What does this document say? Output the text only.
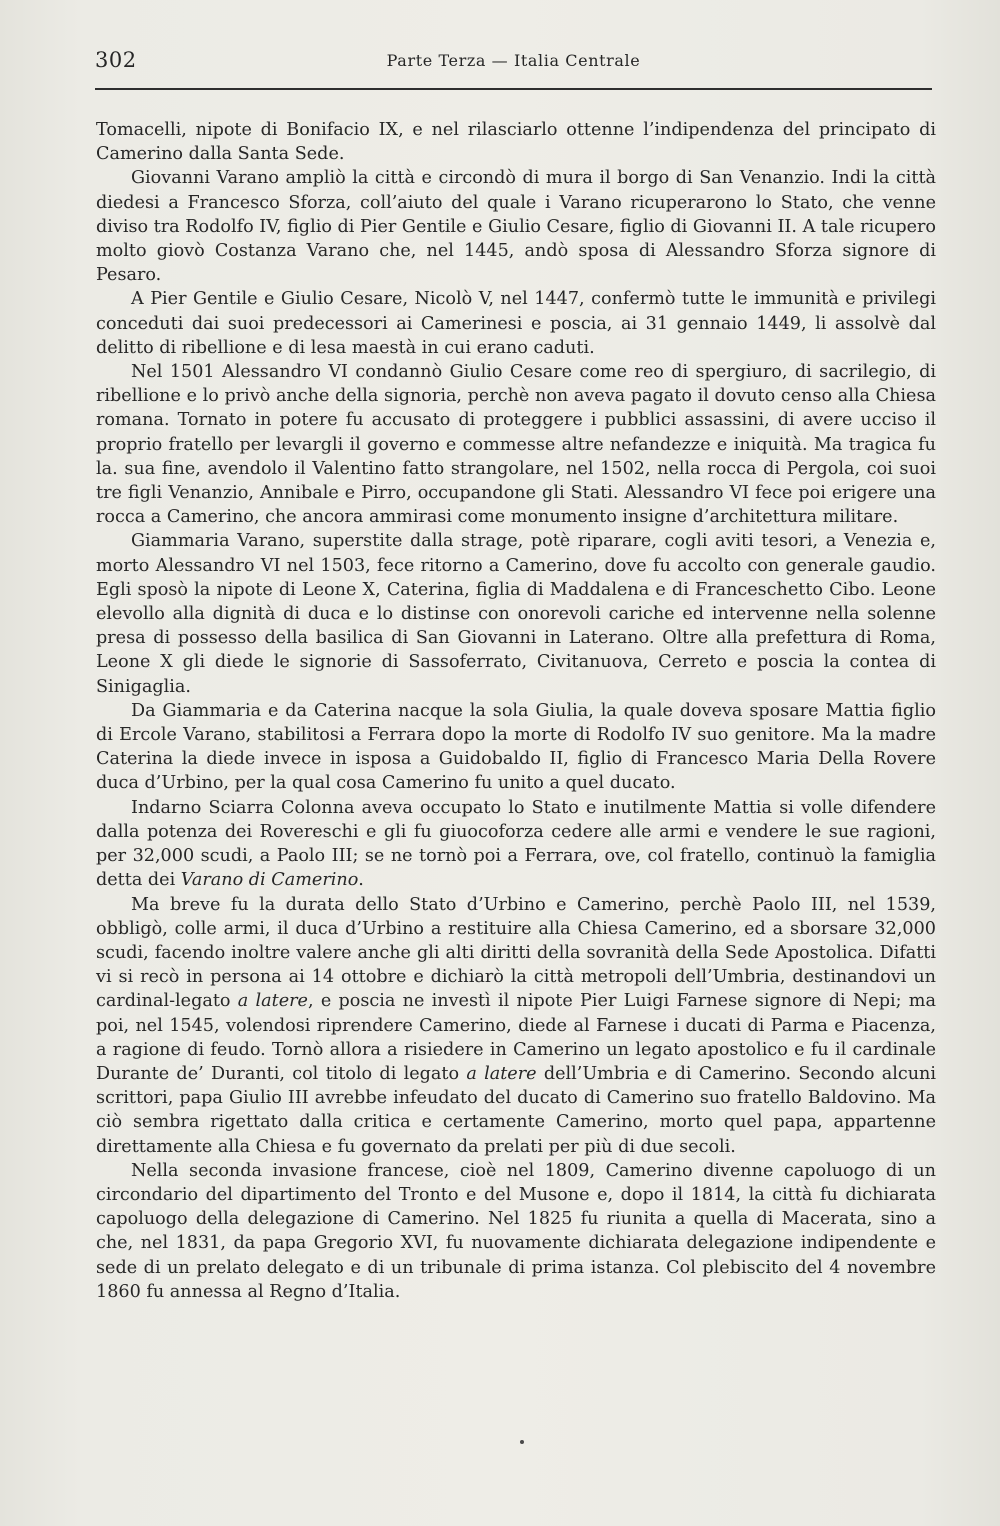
302	Parte Terza — Italia Centrale

Tomacelli, nipote di Bonifacio IX, e nel rilasciarlo ottenne l’indipendenza del principato di Camerino dalla Santa Sede.

Giovanni Varano ampliò la città e circondò di mura il borgo di San Venanzio. Indi la città diedesi a Francesco Sforza, coll’aiuto del quale i Varano ricuperarono lo Stato, che venne diviso tra Rodolfo IV, figlio di Pier Gentile e Giulio Cesare, figlio di Giovanni II. A tale ricupero molto giovò Costanza Varano che, nel 1445, andò sposa di Alessandro Sforza signore di Pesaro.

A Pier Gentile e Giulio Cesare, Nicolò V, nel 1447, confermò tutte le immunità e privilegi conceduti dai suoi predecessori ai Camerinesi e poscia, ai 31 gennaio 1449, li assolvè dal delitto di ribellione e di lesa maestà in cui erano caduti.

Nel 1501 Alessandro VI condannò Giulio Cesare come reo di spergiuro, di sacrilegio, di ribellione e lo privò anche della signoria, perchè non aveva pagato il dovuto censo alla Chiesa romana. Tornato in potere fu accusato di proteggere i pubblici assassini, di avere ucciso il proprio fratello per levargli il governo e commesse altre nefandezze e iniquità. Ma tragica fu la. sua fine, avendolo il Valentino fatto strangolare, nel 1502, nella rocca di Pergola, coi suoi tre figli Venanzio, Annibale e Pirro, occupandone gli Stati. Alessandro VI fece poi erigere una rocca a Camerino, che ancora ammirasi come monumento insigne d’architettura militare.

Giammaria Varano, superstite dalla strage, potè riparare, cogli aviti tesori, a Venezia e, morto Alessandro VI nel 1503, fece ritorno a Camerino, dove fu accolto con generale gaudio. Egli sposò la nipote di Leone X, Caterina, figlia di Maddalena e di Franceschetto Cibo. Leone elevollo alla dignità di duca e lo distinse con onorevoli cariche ed intervenne nella solenne presa di possesso della basilica di San Giovanni in Laterano. Oltre alla prefettura di Roma, Leone X gli diede le signorie di Sassoferrato, Civitanuova, Cerreto e poscia la contea di Sinigaglia.

Da Giammaria e da Caterina nacque la sola Giulia, la quale doveva sposare Mattia figlio di Ercole Varano, stabilitosi a Ferrara dopo la morte di Rodolfo IV suo genitore. Ma la madre Caterina la diede invece in isposa a Guidobaldo II, figlio di Francesco Maria Della Rovere duca d’Urbino, per la qual cosa Camerino fu unito a quel ducato.

Indarno Sciarra Colonna aveva occupato lo Stato e inutilmente Mattia si volle difendere dalla potenza dei Rovereschi e gli fu giuocoforza cedere alle armi e vendere le sue ragioni, per 32,000 scudi, a Paolo III; se ne tornò poi a Ferrara, ove, col fratello, continuò la famiglia detta dei Varano di Camerino.

Ma breve fu la durata dello Stato d’Urbino e Camerino, perchè Paolo III, nel 1539, obbligò, colle armi, il duca d’Urbino a restituire alla Chiesa Camerino, ed a sborsare 32,000 scudi, facendo inoltre valere anche gli alti diritti della sovranità della Sede Apostolica. Difatti vi si recò in persona ai 14 ottobre e dichiarò la città metropoli dell’Umbria, destinandovi un cardinal-legato a latere, e poscia ne investì il nipote Pier Luigi Farnese signore di Nepi; ma poi, nel 1545, volendosi riprendere Camerino, diede al Farnese i ducati di Parma e Piacenza, a ragione di feudo. Tornò allora a risiedere in Camerino un legato apostolico e fu il cardinale Durante de’ Duranti, col titolo di legato a latere dell’Umbria e di Camerino. Secondo alcuni scrittori, papa Giulio III avrebbe infeudato del ducato di Camerino suo fratello Baldovino. Ma ciò sembra rigettato dalla critica e certamente Camerino, morto quel papa, appartenne direttamente alla Chiesa e fu governato da prelati per più di due secoli.

Nella seconda invasione francese, cioè nel 1809, Camerino divenne capoluogo di un circondario del dipartimento del Tronto e del Musone e, dopo il 1814, la città fu dichiarata capoluogo della delegazione di Camerino. Nel 1825 fu riunita a quella di Macerata, sino a che, nel 1831, da papa Gregorio XVI, fu nuovamente dichiarata delegazione indipendente e sede di un prelato delegato e di un tribunale di prima istanza. Col plebiscito del 4 novembre 1860 fu annessa al Regno d’Italia.
